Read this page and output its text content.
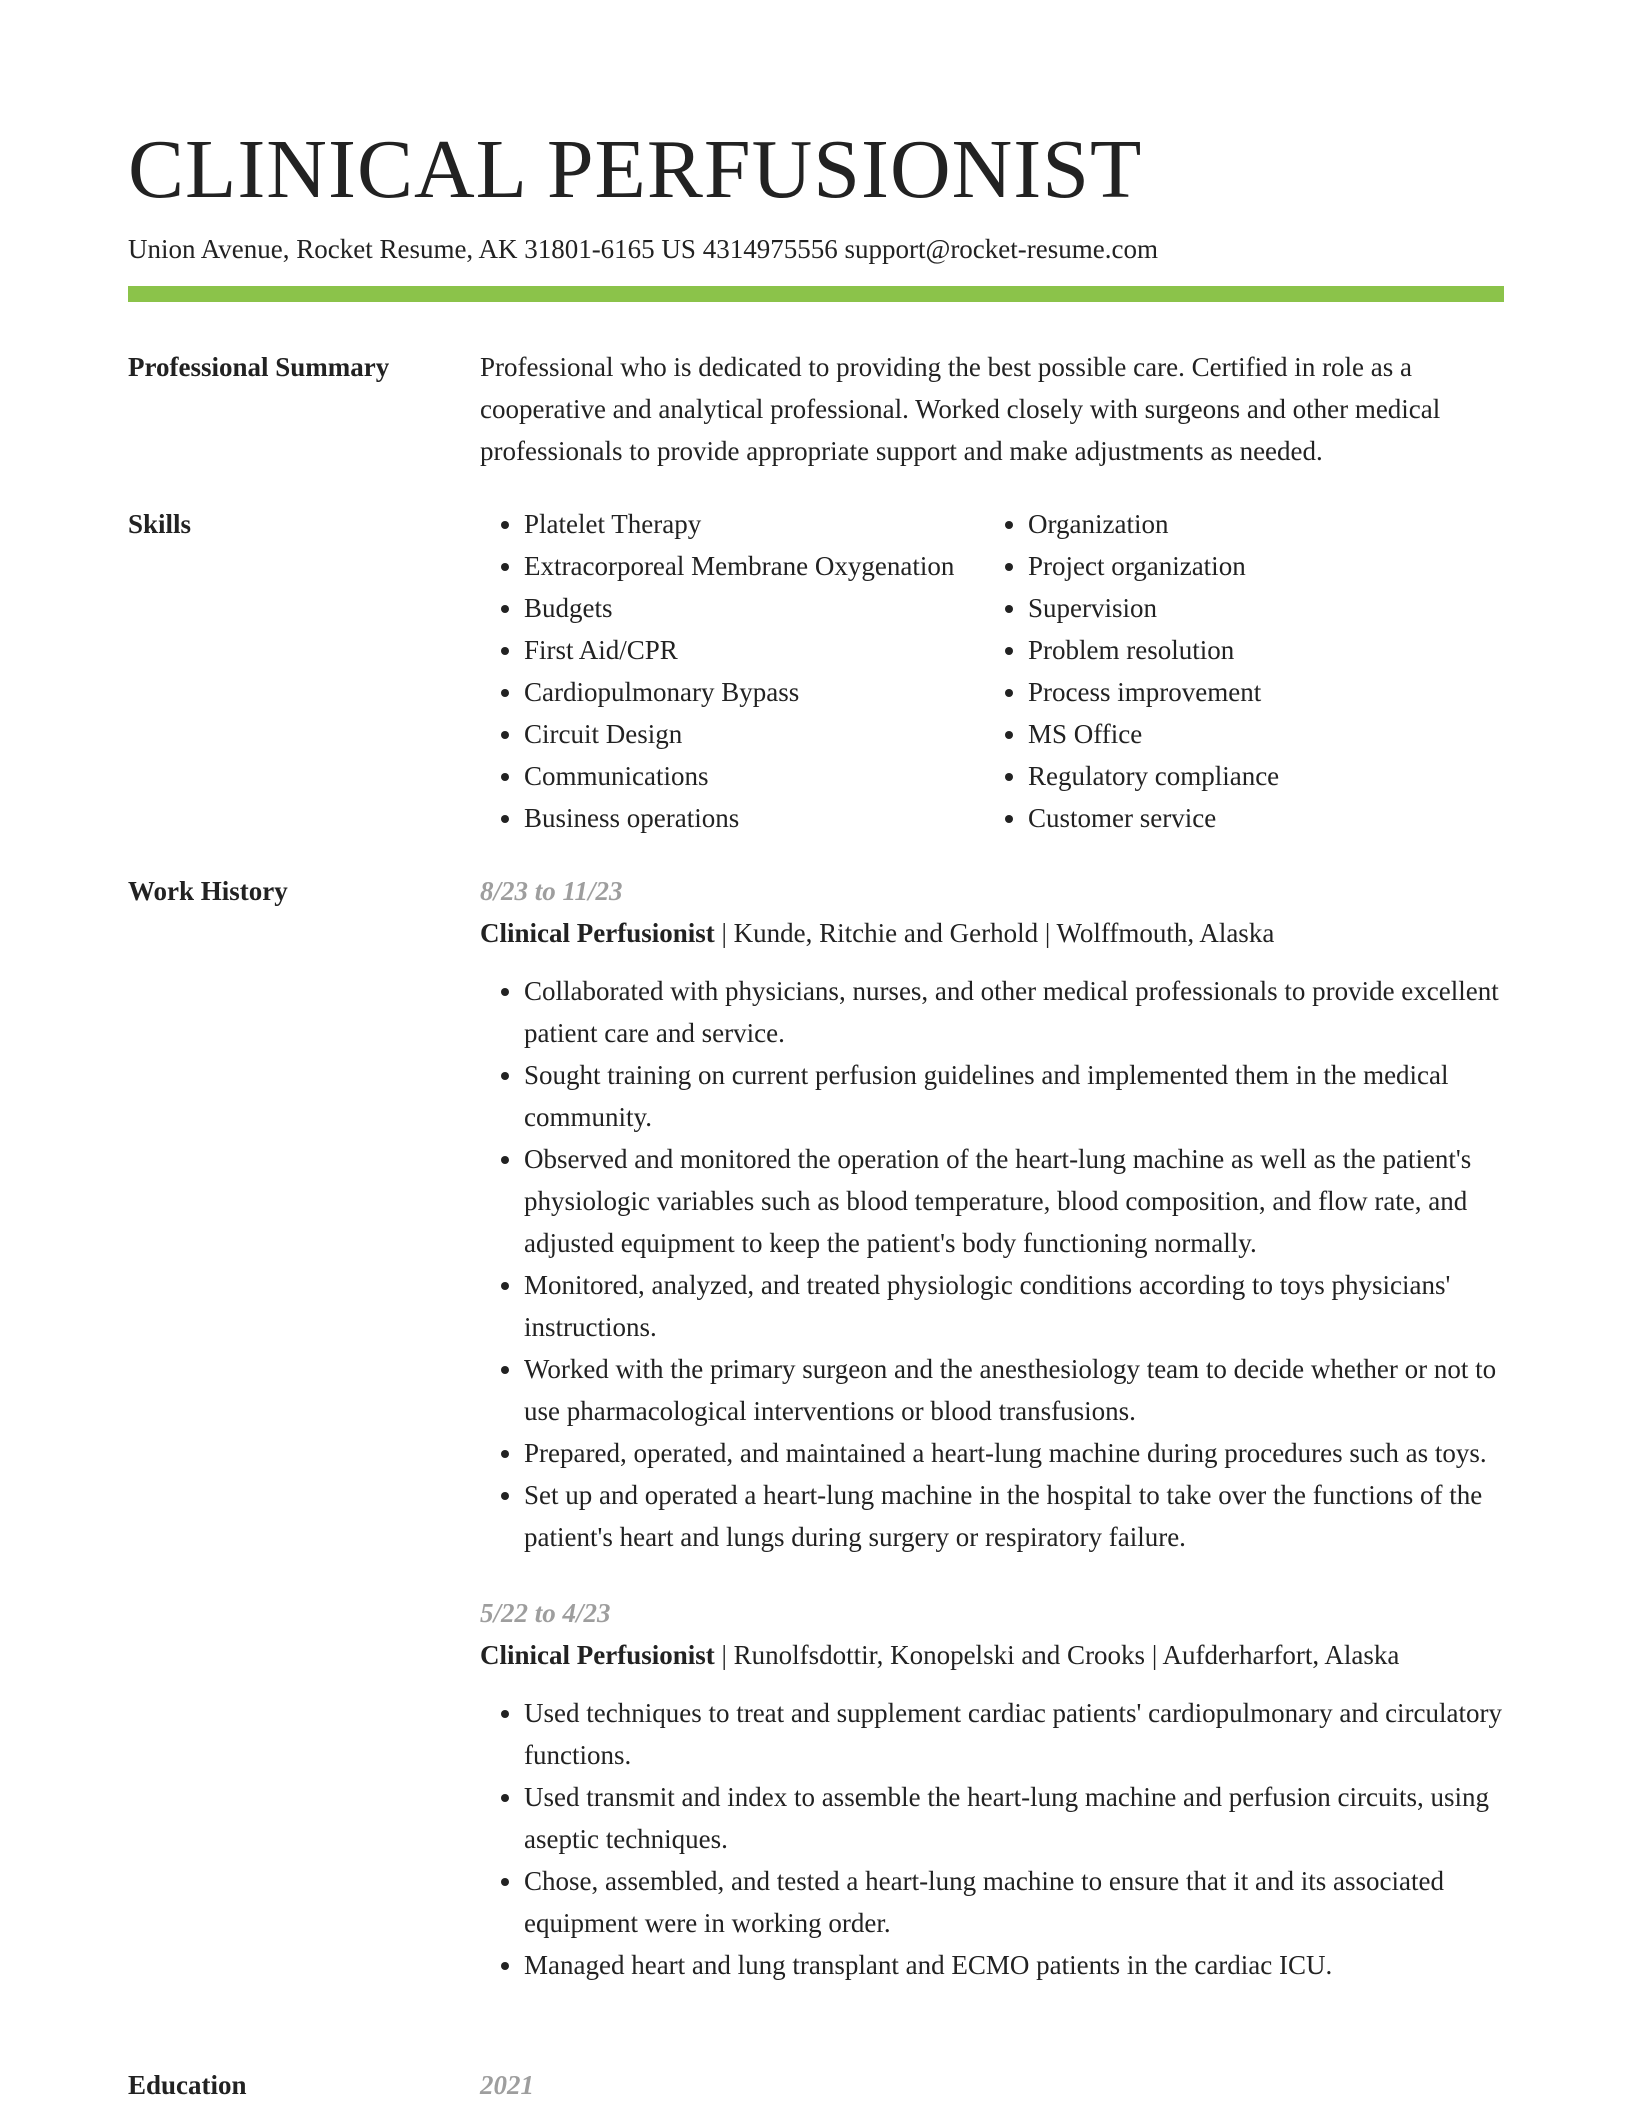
CLINICAL PERFUSIONIST
Union Avenue, Rocket Resume, AK 31801-6165 US 4314975556 support@rocket-resume.com
Professional Summary	Professional who is dedicated to providing the best possible care. Certified in role as a cooperative and analytical professional. Worked closely with surgeons and other medical professionals to provide appropriate support and make adjustments as needed.

Skills
•	Platelet Therapy
• Extracorporeal Membrane Oxygenation
• Budgets
• First Aid/CPR
• Cardiopulmonary Bypass
• Circuit Design
• Communications
• Business operations
• Organization
• Project organization
• Supervision
• Problem resolution
• Process improvement
• MS Office
• Regulatory compliance
• Customer service
Work History	8/23 to 11/23
Clinical Perfusionist | Kunde, Ritchie and Gerhold | Wolffmouth, Alaska
• Collaborated with physicians, nurses, and other medical professionals to provide excellent patient care and service.
• Sought training on current perfusion guidelines and implemented them in the medical community.
• Observed and monitored the operation of the heart-lung machine as well as the patient's physiologic variables such as blood temperature, blood composition, and flow rate, and adjusted equipment to keep the patient's body functioning normally.
• Monitored, analyzed, and treated physiologic conditions according to toys physicians' instructions.
• Worked with the primary surgeon and the anesthesiology team to decide whether or not to use pharmacological interventions or blood transfusions.
• Prepared, operated, and maintained a heart-lung machine during procedures such as toys.
• Set up and operated a heart-lung machine in the hospital to take over the functions of the patient's heart and lungs during surgery or respiratory failure.
5/22 to 4/23
Clinical Perfusionist | Runolfsdottir, Konopelski and Crooks | Aufderharfort, Alaska
• Used techniques to treat and supplement cardiac patients' cardiopulmonary and circulatory functions.
• Used transmit and index to assemble the heart-lung machine and perfusion circuits, using aseptic techniques.
• Chose, assembled, and tested a heart-lung machine to ensure that it and its associated equipment were in working order.
• Managed heart and lung transplant and ECMO patients in the cardiac ICU.
Education	2021
